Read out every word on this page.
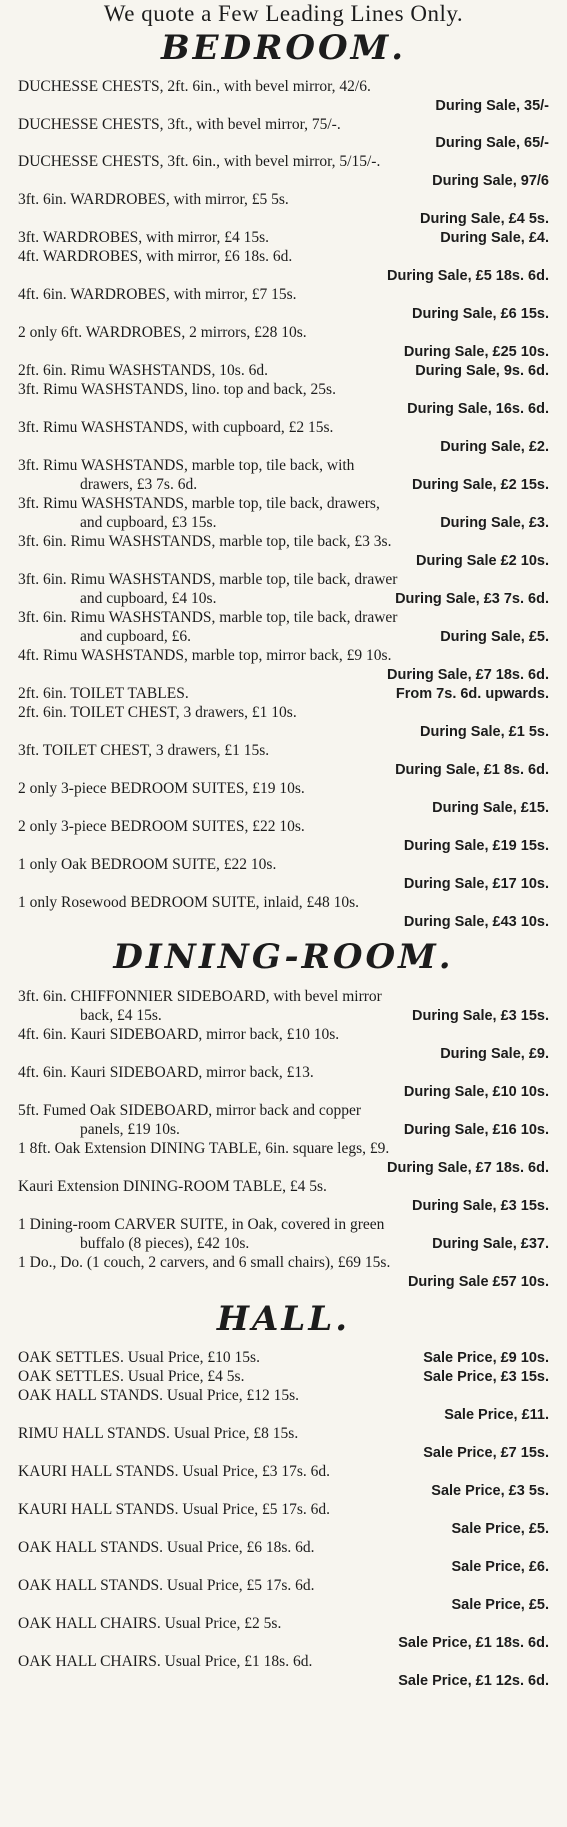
We quote a Few Leading Lines Only.
BEDROOM.
DUCHESSE CHESTS, 2ft. 6in., with bevel mirror, 42/6.
During Sale, 35/-
DUCHESSE CHESTS, 3ft., with bevel mirror, 75/-.
During Sale, 65/-
DUCHESSE CHESTS, 3ft. 6in., with bevel mirror, 5/15/-.
During Sale, 97/6
3ft. 6in. WARDROBES, with mirror, £5 5s.
During Sale, £4 5s.
3ft. WARDROBES, with mirror, £4 15s.	During Sale, £4.
4ft. WARDROBES, with mirror, £6 18s. 6d.
During Sale, £5 18s. 6d.
4ft. 6in. WARDROBES, with mirror, £7 15s.
During Sale, £6 15s.
2 only 6ft. WARDROBES, 2 mirrors, £28 10s.
During Sale, £25 10s.
2ft. 6in. Rimu WASHSTANDS, 10s. 6d.	During Sale, 9s. 6d.
3ft. Rimu WASHSTANDS, lino. top and back, 25s.
During Sale, 16s. 6d.
3ft. Rimu WASHSTANDS, with cupboard, £2 15s.
During Sale, £2.
3ft. Rimu WASHSTANDS, marble top, tile back, with
drawers, £3 7s. 6d.	During Sale, £2 15s.
3ft. Rimu WASHSTANDS, marble top, tile back, drawers,
and cupboard, £3 15s.	During Sale, £3.
3ft. 6in. Rimu WASHSTANDS, marble top, tile back, £3 3s.
During Sale £2 10s.
3ft. 6in. Rimu WASHSTANDS, marble top, tile back, drawer
and cupboard, £4 10s.	During Sale, £3 7s. 6d.
3ft. 6in. Rimu WASHSTANDS, marble top, tile back, drawer
and cupboard, £6.	During Sale, £5.
4ft. Rimu WASHSTANDS, marble top, mirror back, £9 10s.
During Sale, £7 18s. 6d.
2ft. 6in. TOILET TABLES.	From 7s. 6d. upwards.
2ft. 6in. TOILET CHEST, 3 drawers, £1 10s.
During Sale, £1 5s.
3ft. TOILET CHEST, 3 drawers, £1 15s.
During Sale, £1 8s. 6d.
2 only 3-piece BEDROOM SUITES, £19 10s.
During Sale, £15.
2 only 3-piece BEDROOM SUITES, £22 10s.
During Sale, £19 15s.
1 only Oak BEDROOM SUITE, £22 10s.
During Sale, £17 10s.
1 only Rosewood BEDROOM SUITE, inlaid, £48 10s.
During Sale, £43 10s.
DINING-ROOM.
3ft. 6in. CHIFFONNIER SIDEBOARD, with bevel mirror
back, £4 15s.	During Sale, £3 15s.
4ft. 6in. Kauri SIDEBOARD, mirror back, £10 10s.
During Sale, £9.
4ft. 6in. Kauri SIDEBOARD, mirror back, £13.
During Sale, £10 10s.
5ft. Fumed Oak SIDEBOARD, mirror back and copper
panels, £19 10s.	During Sale, £16 10s.
1 8ft. Oak Extension DINING TABLE, 6in. square legs, £9.
During Sale, £7 18s. 6d.
Kauri Extension DINING-ROOM TABLE, £4 5s.
During Sale, £3 15s.
1 Dining-room CARVER SUITE, in Oak, covered in green
buffalo (8 pieces), £42 10s.	During Sale, £37.
1 Do., Do. (1 couch, 2 carvers, and 6 small chairs), £69 15s.
During Sale £57 10s.
HALL.
OAK SETTLES. Usual Price, £10 15s.	Sale Price, £9 10s.
OAK SETTLES. Usual Price, £4 5s.	Sale Price, £3 15s.
OAK HALL STANDS. Usual Price, £12 15s.
Sale Price, £11.
RIMU HALL STANDS. Usual Price, £8 15s.
Sale Price, £7 15s.
KAURI HALL STANDS. Usual Price, £3 17s. 6d.
Sale Price, £3 5s.
KAURI HALL STANDS. Usual Price, £5 17s. 6d.
Sale Price, £5.
OAK HALL STANDS. Usual Price, £6 18s. 6d.
Sale Price, £6.
OAK HALL STANDS. Usual Price, £5 17s. 6d.
Sale Price, £5.
OAK HALL CHAIRS. Usual Price, £2 5s.
Sale Price, £1 18s. 6d.
OAK HALL CHAIRS. Usual Price, £1 18s. 6d.
Sale Price, £1 12s. 6d.
